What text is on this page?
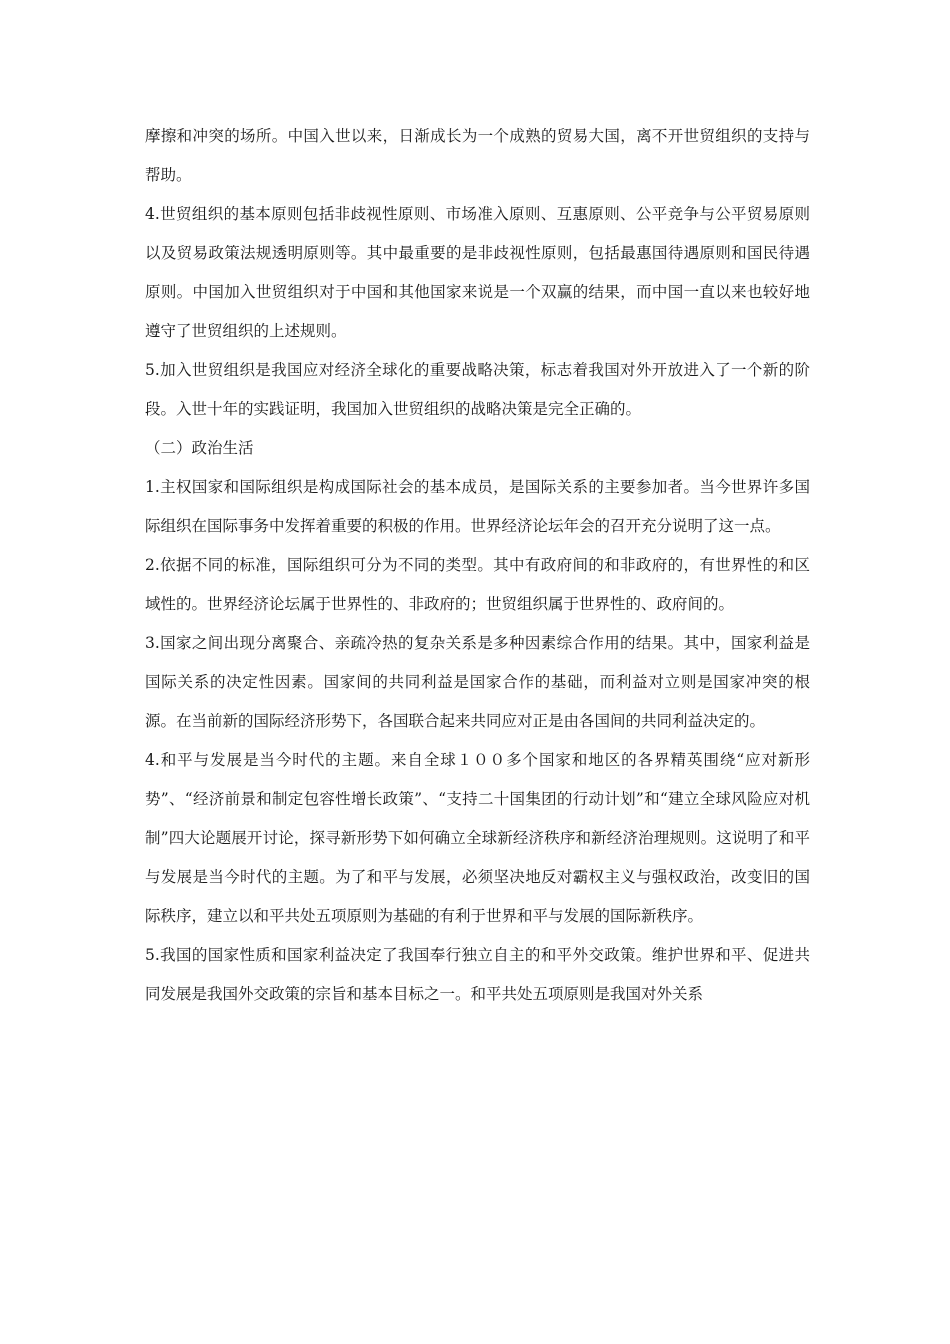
摩擦和冲突的场所。中国入世以来，日渐成长为一个成熟的贸易大国，离不开世贸组织的支持与帮助。

4.世贸组织的基本原则包括非歧视性原则、市场准入原则、互惠原则、公平竞争与公平贸易原则以及贸易政策法规透明原则等。其中最重要的是非歧视性原则，包括最惠国待遇原则和国民待遇原则。中国加入世贸组织对于中国和其他国家来说是一个双赢的结果，而中国一直以来也较好地遵守了世贸组织的上述规则。

5.加入世贸组织是我国应对经济全球化的重要战略决策，标志着我国对外开放进入了一个新的阶段。入世十年的实践证明，我国加入世贸组织的战略决策是完全正确的。

（二）政治生活

1.主权国家和国际组织是构成国际社会的基本成员，是国际关系的主要参加者。当今世界许多国际组织在国际事务中发挥着重要的积极的作用。世界经济论坛年会的召开充分说明了这一点。

2.依据不同的标准，国际组织可分为不同的类型。其中有政府间的和非政府的，有世界性的和区域性的。世界经济论坛属于世界性的、非政府的；世贸组织属于世界性的、政府间的。

3.国家之间出现分离聚合、亲疏冷热的复杂关系是多种因素综合作用的结果。其中，国家利益是国际关系的决定性因素。国家间的共同利益是国家合作的基础，而利益对立则是国家冲突的根源。在当前新的国际经济形势下，各国联合起来共同应对正是由各国间的共同利益决定的。

4.和平与发展是当今时代的主题。来自全球１００多个国家和地区的各界精英围绕“应对新形势”、“经济前景和制定包容性增长政策”、“支持二十国集团的行动计划”和“建立全球风险应对机制”四大论题展开讨论，探寻新形势下如何确立全球新经济秩序和新经济治理规则。这说明了和平与发展是当今时代的主题。为了和平与发展，必须坚决地反对霸权主义与强权政治，改变旧的国际秩序，建立以和平共处五项原则为基础的有利于世界和平与发展的国际新秩序。

5.我国的国家性质和国家利益决定了我国奉行独立自主的和平外交政策。维护世界和平、促进共同发展是我国外交政策的宗旨和基本目标之一。和平共处五项原则是我国对外关系
